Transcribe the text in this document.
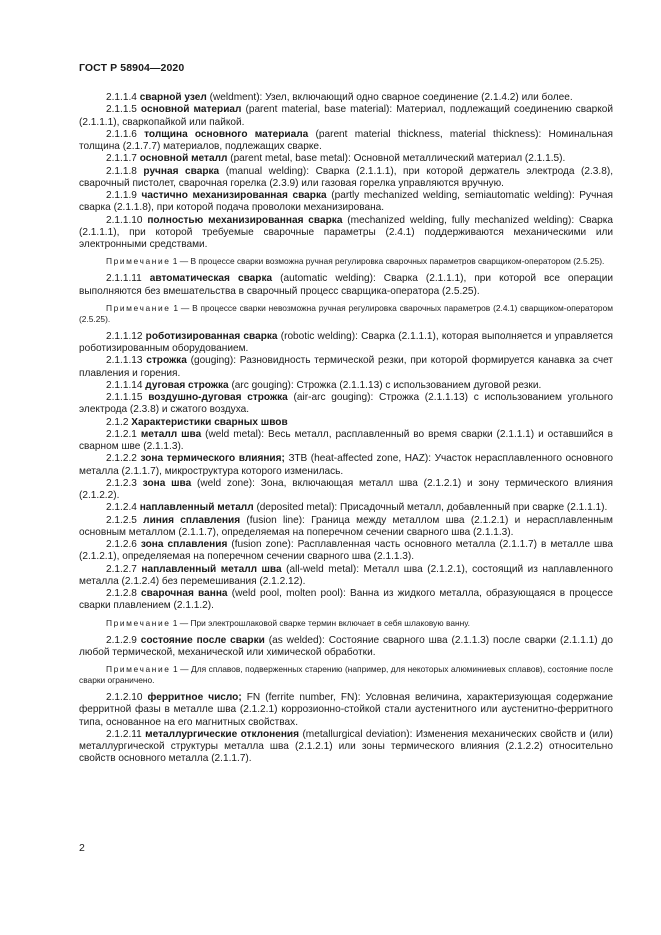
ГОСТ Р 58904—2020

2.1.1.4 сварной узел (weldment): Узел, включающий одно сварное соединение (2.1.4.2) или более.

2.1.1.5 основной материал (parent material, base material): Материал, подлежащий соединению сваркой (2.1.1.1), сваркопайкой или пайкой.

2.1.1.6 толщина основного материала (parent material thickness, material thickness): Номинальная толщина (2.1.7.7) материалов, подлежащих сварке.

2.1.1.7 основной металл (parent metal, base metal): Основной металлический материал (2.1.1.5).

2.1.1.8 ручная сварка (manual welding): Сварка (2.1.1.1), при которой держатель электрода (2.3.8), сварочный пистолет, сварочная горелка (2.3.9) или газовая горелка управляются вручную.

2.1.1.9 частично механизированная сварка (partly mechanized welding, semiautomatic welding): Ручная сварка (2.1.1.8), при которой подача проволоки механизирована.

2.1.1.10 полностью механизированная сварка (mechanized welding, fully mechanized welding): Сварка (2.1.1.1), при которой требуемые сварочные параметры (2.4.1) поддерживаются механическими или электронными средствами.

Примечание 1 — В процессе сварки возможна ручная регулировка сварочных параметров сварщиком-оператором (2.5.25).

2.1.1.11 автоматическая сварка (automatic welding): Сварка (2.1.1.1), при которой все операции выполняются без вмешательства в сварочный процесс сварщика-оператора (2.5.25).

Примечание 1 — В процессе сварки невозможна ручная регулировка сварочных параметров (2.4.1) сварщиком-оператором (2.5.25).

2.1.1.12 роботизированная сварка (robotic welding): Сварка (2.1.1.1), которая выполняется и управляется роботизированным оборудованием.

2.1.1.13 строжка (gouging): Разновидность термической резки, при которой формируется канавка за счет плавления и горения.

2.1.1.14 дуговая строжка (arc gouging): Строжка (2.1.1.13) с использованием дуговой резки.

2.1.1.15 воздушно-дуговая строжка (air-arc gouging): Строжка (2.1.1.13) с использованием угольного электрода (2.3.8) и сжатого воздуха.

2.1.2 Характеристики сварных швов

2.1.2.1 металл шва (weld metal): Весь металл, расплавленный во время сварки (2.1.1.1) и оставшийся в сварном шве (2.1.1.3).

2.1.2.2 зона термического влияния; ЗТВ (heat-affected zone, HAZ): Участок нерасплавленного основного металла (2.1.1.7), микроструктура которого изменилась.

2.1.2.3 зона шва (weld zone): Зона, включающая металл шва (2.1.2.1) и зону термического влияния (2.1.2.2).

2.1.2.4 наплавленный металл (deposited metal): Присадочный металл, добавленный при сварке (2.1.1.1).

2.1.2.5 линия сплавления (fusion line): Граница между металлом шва (2.1.2.1) и нерасплавленным основным металлом (2.1.1.7), определяемая на поперечном сечении сварного шва (2.1.1.3).

2.1.2.6 зона сплавления (fusion zone): Расплавленная часть основного металла (2.1.1.7) в металле шва (2.1.2.1), определяемая на поперечном сечении сварного шва (2.1.1.3).

2.1.2.7 наплавленный металл шва (all-weld metal): Металл шва (2.1.2.1), состоящий из наплавленного металла (2.1.2.4) без перемешивания (2.1.2.12).

2.1.2.8 сварочная ванна (weld pool, molten pool): Ванна из жидкого металла, образующаяся в процессе сварки плавлением (2.1.1.2).

Примечание 1 — При электрошлаковой сварке термин включает в себя шлаковую ванну.

2.1.2.9 состояние после сварки (as welded): Состояние сварного шва (2.1.1.3) после сварки (2.1.1.1) до любой термической, механической или химической обработки.

Примечание 1 — Для сплавов, подверженных старению (например, для некоторых алюминиевых сплавов), состояние после сварки ограничено.

2.1.2.10 ферритное число; FN (ferrite number, FN): Условная величина, характеризующая содержание ферритной фазы в металле шва (2.1.2.1) коррозионно-стойкой стали аустенитного или аустенитно-ферритного типа, основанное на его магнитных свойствах.

2.1.2.11 металлургические отклонения (metallurgical deviation): Изменения механических свойств и (или) металлургической структуры металла шва (2.1.2.1) или зоны термического влияния (2.1.2.2) относительно свойств основного металла (2.1.1.7).

2
